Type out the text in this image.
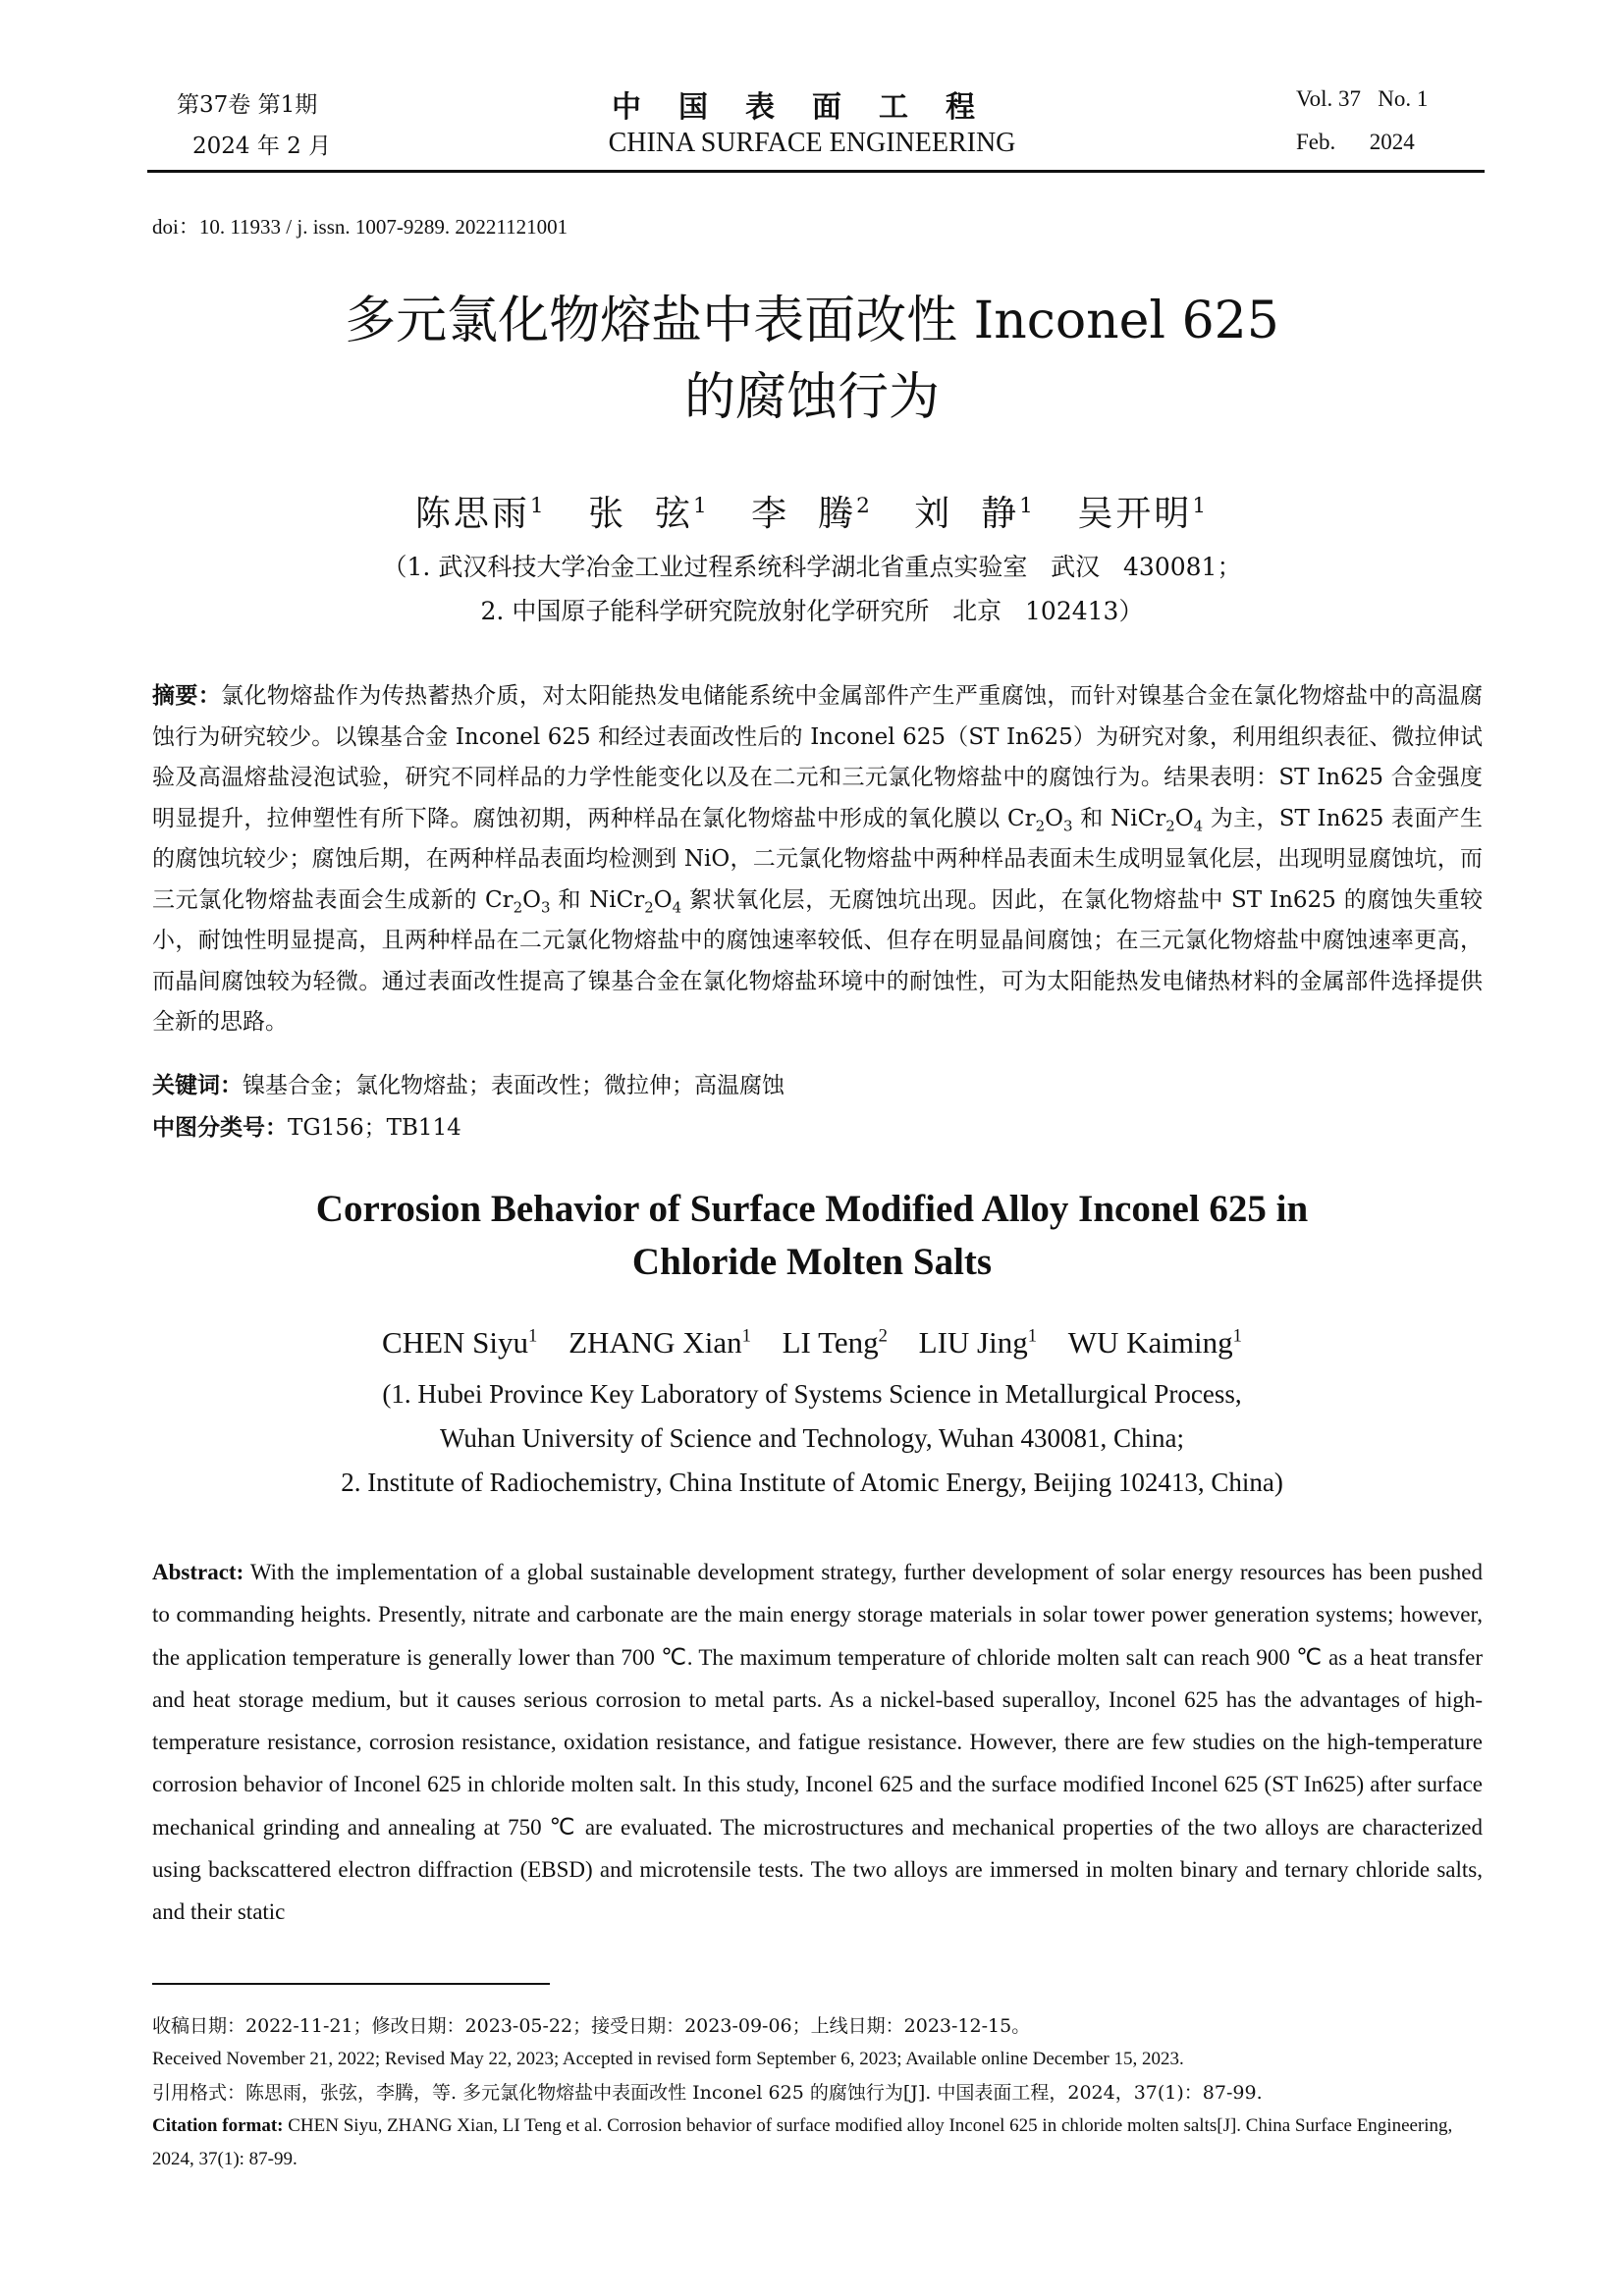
第37卷 第1期
2024 年 2 月
中国表面工程
CHINA SURFACE ENGINEERING
Vol. 37   No. 1
Feb.      2024
doi：10. 11933 / j. issn. 1007-9289. 20221121001
多元氯化物熔盐中表面改性 Inconel 625
的腐蚀行为
陈思雨$^1$ 张  弦$^1$ 李  腾$^2$ 刘  静$^1$ 吴开明$^1$
（1. 武汉科技大学冶金工业过程系统科学湖北省重点实验室   武汉   430081；
2. 中国原子能科学研究院放射化学研究所   北京   102413）
摘要：氯化物熔盐作为传热蓄热介质，对太阳能热发电储能系统中金属部件产生严重腐蚀，而针对镍基合金在氯化物熔盐中的高温腐蚀行为研究较少。以镍基合金 Inconel 625 和经过表面改性后的 Inconel 625（ST In625）为研究对象，利用组织表征、微拉伸试验及高温熔盐浸泡试验，研究不同样品的力学性能变化以及在二元和三元氯化物熔盐中的腐蚀行为。结果表明：ST In625 合金强度明显提升，拉伸塑性有所下降。腐蚀初期，两种样品在氯化物熔盐中形成的氧化膜以 $Cr_2O_3$ 和 $NiCr_2O_4$ 为主，ST In625 表面产生的腐蚀坑较少；腐蚀后期，在两种样品表面均检测到 NiO，二元氯化物熔盐中两种样品表面未生成明显氧化层，出现明显腐蚀坑，而三元氯化物熔盐表面会生成新的 $Cr_2O_3$ 和 $NiCr_2O_4$ 絮状氧化层，无腐蚀坑出现。因此，在氯化物熔盐中 ST In625 的腐蚀失重较小，耐蚀性明显提高，且两种样品在二元氯化物熔盐中的腐蚀速率较低、但存在明显晶间腐蚀；在三元氯化物熔盐中腐蚀速率更高，而晶间腐蚀较为轻微。通过表面改性提高了镍基合金在氯化物熔盐环境中的耐蚀性，可为太阳能热发电储热材料的金属部件选择提供全新的思路。
关键词：镍基合金；氯化物熔盐；表面改性；微拉伸；高温腐蚀
中图分类号：TG156；TB114
Corrosion Behavior of Surface Modified Alloy Inconel 625 in
Chloride Molten Salts
CHEN Siyu$^1$ ZHANG Xian$^1$ LI Teng$^2$ LIU Jing$^1$ WU Kaiming$^1$
(1. Hubei Province Key Laboratory of Systems Science in Metallurgical Process,
Wuhan University of Science and Technology, Wuhan 430081, China;
2. Institute of Radiochemistry, China Institute of Atomic Energy, Beijing 102413, China)
Abstract: With the implementation of a global sustainable development strategy, further development of solar energy resources has been pushed to commanding heights. Presently, nitrate and carbonate are the main energy storage materials in solar tower power generation systems; however, the application temperature is generally lower than 700 ℃. The maximum temperature of chloride molten salt can reach 900 ℃ as a heat transfer and heat storage medium, but it causes serious corrosion to metal parts. As a nickel-based superalloy, Inconel 625 has the advantages of high-temperature resistance, corrosion resistance, oxidation resistance, and fatigue resistance. However, there are few studies on the high-temperature corrosion behavior of Inconel 625 in chloride molten salt. In this study, Inconel 625 and the surface modified Inconel 625 (ST In625) after surface mechanical grinding and annealing at 750 ℃ are evaluated. The microstructures and mechanical properties of the two alloys are characterized using backscattered electron diffraction (EBSD) and microtensile tests. The two alloys are immersed in molten binary and ternary chloride salts, and their static
收稿日期：2022-11-21；修改日期：2023-05-22；接受日期：2023-09-06；上线日期：2023-12-15。
Received November 21, 2022; Revised May 22, 2023; Accepted in revised form September 6, 2023; Available online December 15, 2023.
引用格式：陈思雨，张弦，李腾，等. 多元氯化物熔盐中表面改性 Inconel 625 的腐蚀行为[J]. 中国表面工程，2024，37(1)：87-99.
Citation format: CHEN Siyu, ZHANG Xian, LI Teng et al. Corrosion behavior of surface modified alloy Inconel 625 in chloride molten salts[J]. China Surface Engineering, 2024, 37(1): 87-99.
